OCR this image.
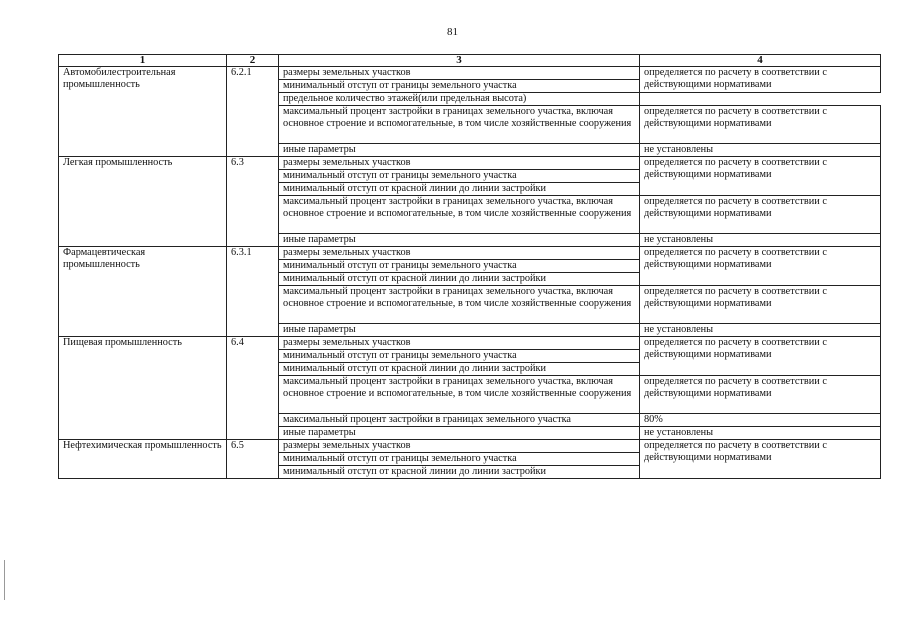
81
1	2	3	4
Автомобилестроительная промышленность	6.2.1	размеры земельных участков	определяется по расчету в соответствии с действующими нормативами
		минимальный отступ от границы земельного участка	
		предельное количество этажей(или предельная высота)	
		максимальный процент застройки в границах земельного участка, включая основное строение и вспомогательные, в том числе хозяйственные сооружения	определяется по расчету в соответствии с действующими нормативами
		иные параметры	не установлены
Легкая промышленность	6.3	размеры земельных участков	определяется по расчету в соответствии с действующими нормативами
		минимальный отступ от границы земельного участка	
		минимальный отступ от красной линии до линии застройки	
		максимальный процент застройки в границах земельного участка, включая основное строение и вспомогательные, в том числе хозяйственные сооружения	определяется по расчету в соответствии с действующими нормативами
		иные параметры	не установлены
Фармацевтическая промышленность	6.3.1	размеры земельных участков	определяется по расчету в соответствии с действующими нормативами
		минимальный отступ от границы земельного участка	
		минимальный отступ от красной линии до линии застройки	
		максимальный процент застройки в границах земельного участка, включая основное строение и вспомогательные, в том числе хозяйственные сооружения	определяется по расчету в соответствии с действующими нормативами
		иные параметры	не установлены
Пищевая промышленность	6.4	размеры земельных участков	определяется по расчету в соответствии с действующими нормативами
		минимальный отступ от границы земельного участка	
		минимальный отступ от красной линии до линии застройки	
		максимальный процент застройки в границах земельного участка, включая основное строение и вспомогательные, в том числе хозяйственные сооружения	определяется по расчету в соответствии с действующими нормативами
		максимальный процент застройки в границах земельного участка	80%
		иные параметры	не установлены
Нефтехимическая промышленность	6.5	размеры земельных участков	определяется по расчету в соответствии с действующими нормативами
		минимальный отступ от границы земельного участка	
		минимальный отступ от красной линии до линии застройки	
